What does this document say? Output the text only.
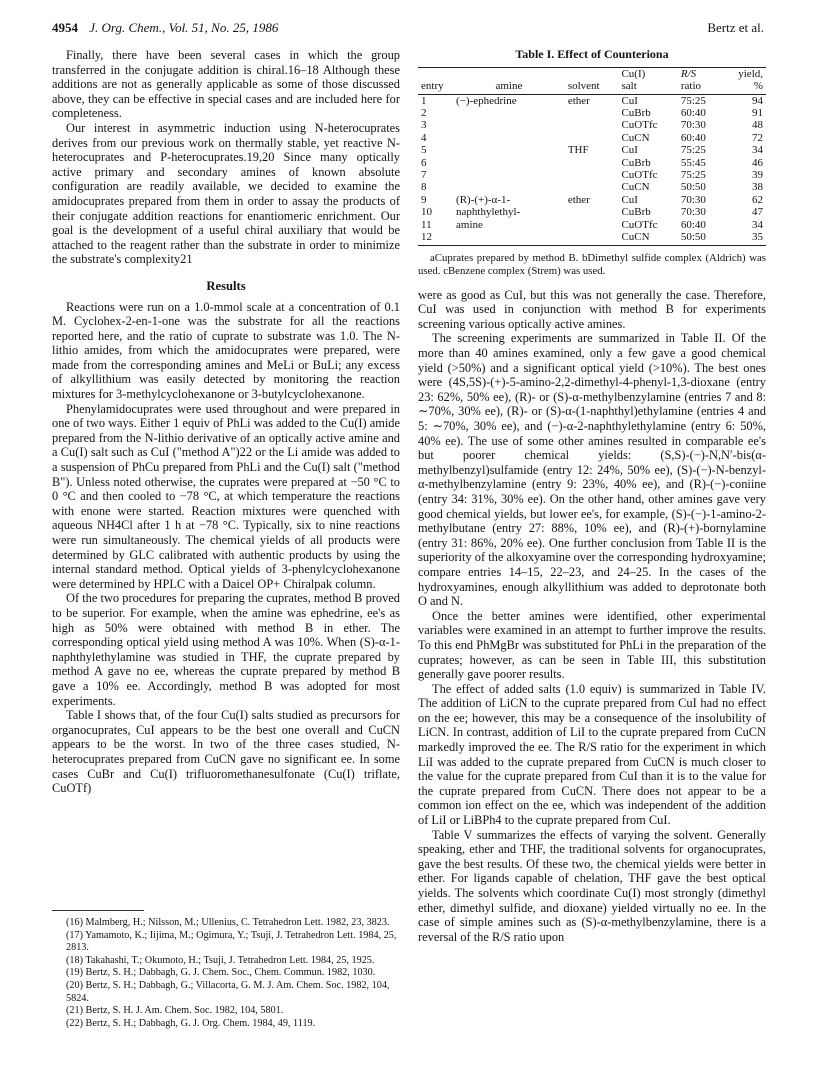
4954 J. Org. Chem., Vol. 51, No. 25, 1986	Bertz et al.

Finally, there have been several cases in which the group transferred in the conjugate addition is chiral.16–18 Although these additions are not as generally applicable as some of those discussed above, they can be effective in special cases and are included here for completeness.

Our interest in asymmetric induction using N-heterocuprates derives from our previous work on thermally stable, yet reactive N-heterocuprates and P-heterocuprates.19,20 Since many optically active primary and secondary amines of known absolute configuration are readily available, we decided to examine the amidocuprates prepared from them in order to assay the products of their conjugate addition reactions for enantiomeric enrichment. Our goal is the development of a useful chiral auxiliary that would be attached to the reagent rather than the substrate in order to minimize the substrate's complexity21

Results

Reactions were run on a 1.0-mmol scale at a concentration of 0.1 M. Cyclohex-2-en-1-one was the substrate for all the reactions reported here, and the ratio of cuprate to substrate was 1.0. The N-lithio amides, from which the amidocuprates were prepared, were made from the corresponding amines and MeLi or BuLi; any excess of alkyllithium was easily detected by monitoring the reaction mixtures for 3-methylcyclohexanone or 3-butylcyclohexanone.

Phenylamidocuprates were used throughout and were prepared in one of two ways. Either 1 equiv of PhLi was added to the Cu(I) amide prepared from the N-lithio derivative of an optically active amine and a Cu(I) salt such as CuI ("method A")22 or the Li amide was added to a suspension of PhCu prepared from PhLi and the Cu(I) salt ("method B"). Unless noted otherwise, the cuprates were prepared at −50 °C to 0 °C and then cooled to −78 °C, at which temperature the reactions with enone were started. Reaction mixtures were quenched with aqueous NH4Cl after 1 h at −78 °C. Typically, six to nine reactions were run simultaneously. The chemical yields of all products were determined by GLC calibrated with authentic products by using the internal standard method. Optical yields of 3-phenylcyclohexanone were determined by HPLC with a Daicel OP+ Chiralpak column.

Of the two procedures for preparing the cuprates, method B proved to be superior. For example, when the amine was ephedrine, ee's as high as 50% were obtained with method B in ether. The corresponding optical yield using method A was 10%. When (S)-α-1-naphthylethylamine was studied in THF, the cuprate prepared by method A gave no ee, whereas the cuprate prepared by method B gave a 10% ee. Accordingly, method B was adopted for most experiments.

Table I shows that, of the four Cu(I) salts studied as precursors for organocuprates, CuI appears to be the best one overall and CuCN appears to be the worst. In two of the three cases studied, N-heterocuprates prepared from CuCN gave no significant ee. In some cases CuBr and Cu(I) trifluoromethanesulfonate (Cu(I) triflate, CuOTf)

Table I. Effect of Counteriona
			Cu(I)	R/S	yield,
entry	amine	solvent	salt	ratio	%
1	(−)-ephedrine	ether	CuI	75:25	94
2			CuBrb	60:40	91
3			CuOTfc	70:30	48
4			CuCN	60:40	72
5		THF	CuI	75:25	34
6			CuBrb	55:45	46
7			CuOTfc	75:25	39
8			CuCN	50:50	38
9	(R)-(+)-α-1-	ether	CuI	70:30	62
10	naphthylethyl-		CuBrb	70:30	47
11	amine		CuOTfc	60:40	34
12			CuCN	50:50	35
aCuprates prepared by method B. bDimethyl sulfide complex (Aldrich) was used. cBenzene complex (Strem) was used.

were as good as CuI, but this was not generally the case. Therefore, CuI was used in conjunction with method B for experiments screening various optically active amines.

The screening experiments are summarized in Table II. Of the more than 40 amines examined, only a few gave a good chemical yield (>50%) and a significant optical yield (>10%). The best ones were (4S,5S)-(+)-5-amino-2,2-dimethyl-4-phenyl-1,3-dioxane (entry 23: 62%, 50% ee), (R)- or (S)-α-methylbenzylamine (entries 7 and 8: ∼70%, 30% ee), (R)- or (S)-α-(1-naphthyl)ethylamine (entries 4 and 5: ∼70%, 30% ee), and (−)-α-2-naphthylethylamine (entry 6: 50%, 40% ee). The use of some other amines resulted in comparable ee's but poorer chemical yields: (S,S)-(−)-N,N′-bis(α-methylbenzyl)sulfamide (entry 12: 24%, 50% ee), (S)-(−)-N-benzyl-α-methylbenzylamine (entry 9: 23%, 40% ee), and (R)-(−)-coniine (entry 34: 31%, 30% ee). On the other hand, other amines gave very good chemical yields, but lower ee's, for example, (S)-(−)-1-amino-2-methylbutane (entry 27: 88%, 10% ee), and (R)-(+)-bornylamine (entry 31: 86%, 20% ee). One further conclusion from Table II is the superiority of the alkoxyamine over the corresponding hydroxyamine; compare entries 14–15, 22–23, and 24–25. In the cases of the hydroxyamines, enough alkyllithium was added to deprotonate both O and N.

Once the better amines were identified, other experimental variables were examined in an attempt to further improve the results. To this end PhMgBr was substituted for PhLi in the preparation of the cuprates; however, as can be seen in Table III, this substitution generally gave poorer results.

The effect of added salts (1.0 equiv) is summarized in Table IV. The addition of LiCN to the cuprate prepared from CuI had no effect on the ee; however, this may be a consequence of the insolubility of LiCN. In contrast, addition of LiI to the cuprate prepared from CuCN markedly improved the ee. The R/S ratio for the experiment in which LiI was added to the cuprate prepared from CuCN is much closer to the value for the cuprate prepared from CuI than it is to the value for the cuprate prepared from CuCN. There does not appear to be a common ion effect on the ee, which was independent of the addition of LiI or LiBPh4 to the cuprate prepared from CuI.

Table V summarizes the effects of varying the solvent. Generally speaking, ether and THF, the traditional solvents for organocuprates, gave the best results. Of these two, the chemical yields were better in ether. For ligands capable of chelation, THF gave the best optical yields. The solvents which coordinate Cu(I) most strongly (dimethyl ether, dimethyl sulfide, and dioxane) yielded virtually no ee. In the case of simple amines such as (S)-α-methylbenzylamine, there is a reversal of the R/S ratio upon

(16) Malmberg, H.; Nilsson, M.; Ullenius, C. Tetrahedron Lett. 1982, 23, 3823.
(17) Yamamoto, K.; Iijima, M.; Ogimura, Y.; Tsuji, J. Tetrahedron Lett. 1984, 25, 2813.
(18) Takahashi, T.; Okumoto, H.; Tsuji, J. Tetrahedron Lett. 1984, 25, 1925.
(19) Bertz, S. H.; Dabbagh, G. J. Chem. Soc., Chem. Commun. 1982, 1030.
(20) Bertz, S. H.; Dabbagh, G.; Villacorta, G. M. J. Am. Chem. Soc. 1982, 104, 5824.
(21) Bertz, S. H. J. Am. Chem. Soc. 1982, 104, 5801.
(22) Bertz, S. H.; Dabbagh, G. J. Org. Chem. 1984, 49, 1119.
